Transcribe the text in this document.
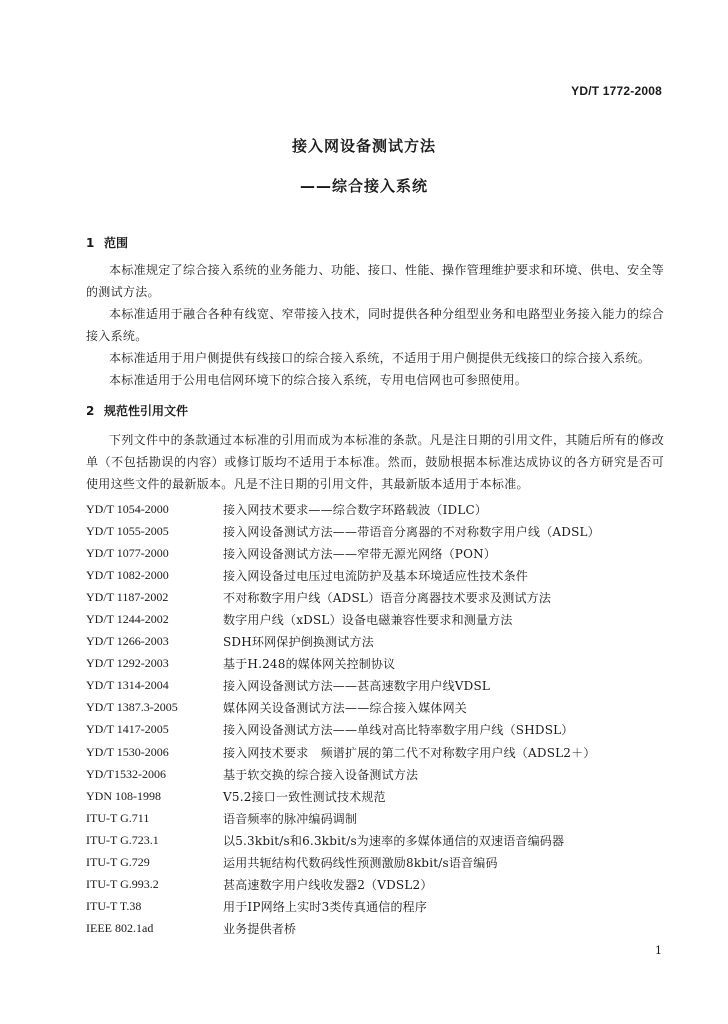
YD/T 1772-2008
接入网设备测试方法
——综合接入系统
1 范围
本标准规定了综合接入系统的业务能力、功能、接口、性能、操作管理维护要求和环境、供电、安全等的测试方法。
本标准适用于融合各种有线宽、窄带接入技术，同时提供各种分组型业务和电路型业务接入能力的综合接入系统。
本标准适用于用户侧提供有线接口的综合接入系统，不适用于用户侧提供无线接口的综合接入系统。
本标准适用于公用电信网环境下的综合接入系统，专用电信网也可参照使用。
2 规范性引用文件
下列文件中的条款通过本标准的引用而成为本标准的条款。凡是注日期的引用文件，其随后所有的修改单（不包括勘误的内容）或修订版均不适用于本标准。然而，鼓励根据本标准达成协议的各方研究是否可使用这些文件的最新版本。凡是不注日期的引用文件，其最新版本适用于本标准。
YD/T 1054-2000	接入网技术要求——综合数字环路载波（IDLC）
YD/T 1055-2005	接入网设备测试方法——带语音分离器的不对称数字用户线（ADSL）
YD/T 1077-2000	接入网设备测试方法——窄带无源光网络（PON）
YD/T 1082-2000	接入网设备过电压过电流防护及基本环境适应性技术条件
YD/T 1187-2002	不对称数字用户线（ADSL）语音分离器技术要求及测试方法
YD/T 1244-2002	数字用户线（xDSL）设备电磁兼容性要求和测量方法
YD/T 1266-2003	SDH环网保护倒换测试方法
YD/T 1292-2003	基于H.248的媒体网关控制协议
YD/T 1314-2004	接入网设备测试方法——甚高速数字用户线VDSL
YD/T 1387.3-2005	媒体网关设备测试方法——综合接入媒体网关
YD/T 1417-2005	接入网设备测试方法——单线对高比特率数字用户线（SHDSL）
YD/T 1530-2006	接入网技术要求　频谱扩展的第二代不对称数字用户线（ADSL2＋）
YD/T1532-2006	基于软交换的综合接入设备测试方法
YDN 108-1998	V5.2接口一致性测试技术规范
ITU-T G.711	语音频率的脉冲编码调制
ITU-T G.723.1	以5.3kbit/s和6.3kbit/s为速率的多媒体通信的双速语音编码器
ITU-T G.729	运用共轭结构代数码线性预测激励8kbit/s语音编码
ITU-T G.993.2	甚高速数字用户线收发器2（VDSL2）
ITU-T T.38	用于IP网络上实时3类传真通信的程序
IEEE 802.1ad	业务提供者桥
1
